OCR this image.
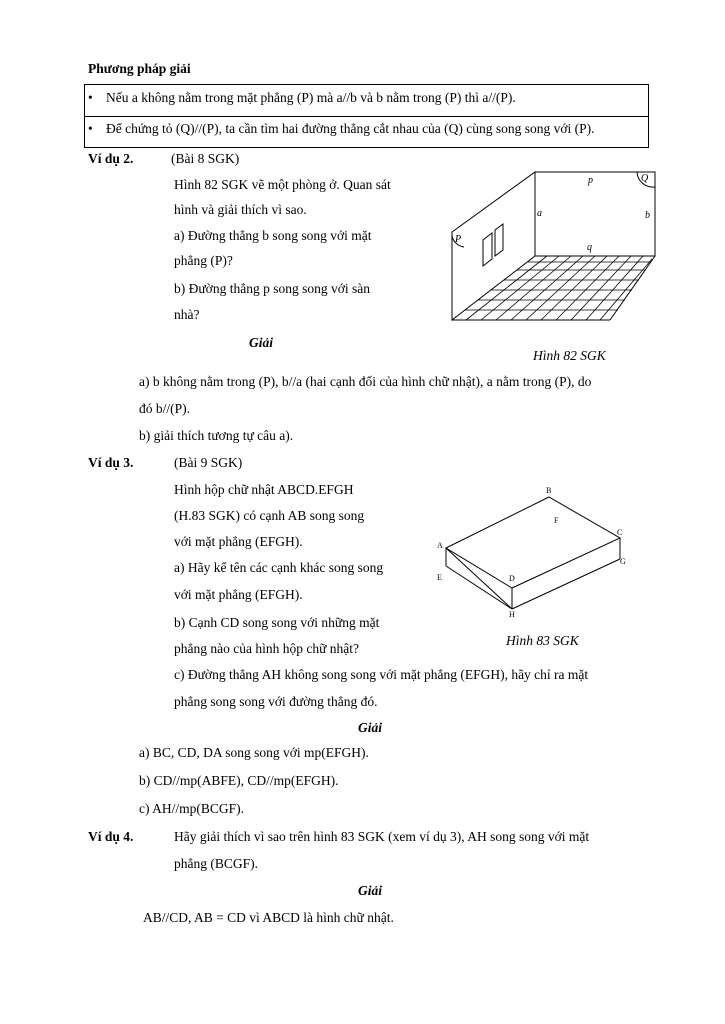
Phương pháp giải
• Nếu a không nằm trong mặt phẳng (P) mà a//b và b nằm trong (P) thì a//(P).
• Để chứng tỏ (Q)//(P), ta cần tìm hai đường thẳng cắt nhau của (Q) cùng song song với (P).
Ví dụ 2.	(Bài 8 SGK)
Hình 82 SGK vẽ một phòng ở. Quan sát
hình và giải thích vì sao.
a) Đường thẳng b song song với mặt
phẳng (P)?
b) Đường thẳng p song song với sàn
nhà?
Giải
p	Q
a	b
P
q
Hình 82 SGK
a) b không nằm trong (P), b//a (hai cạnh đối của hình chữ nhật), a nằm trong (P), do
đó b//(P).
b) giải thích tương tự câu a).
Ví dụ 3.	(Bài 9 SGK)
Hình hộp chữ nhật ABCD.EFGH
(H.83 SGK) có cạnh AB song song
với mặt phẳng (EFGH).
a) Hãy kể tên các cạnh khác song song
với mặt phẳng (EFGH).
b) Cạnh CD song song với những mặt
phẳng nào của hình hộp chữ nhật?
c) Đường thẳng AH không song song với mặt phẳng (EFGH), hãy chỉ ra mặt
phẳng song song với đường thẳng đó.
B
F
C
A
G
E	D
H
Hình 83 SGK
Giải
a) BC, CD, DA song song với mp(EFGH).
b) CD//mp(ABFE), CD//mp(EFGH).
c) AH//mp(BCGF).
Ví dụ 4.	Hãy giải thích vì sao trên hình 83 SGK (xem ví dụ 3), AH song song với mặt
phẳng (BCGF).
Giải
AB//CD, AB = CD vì ABCD là hình chữ nhật.
